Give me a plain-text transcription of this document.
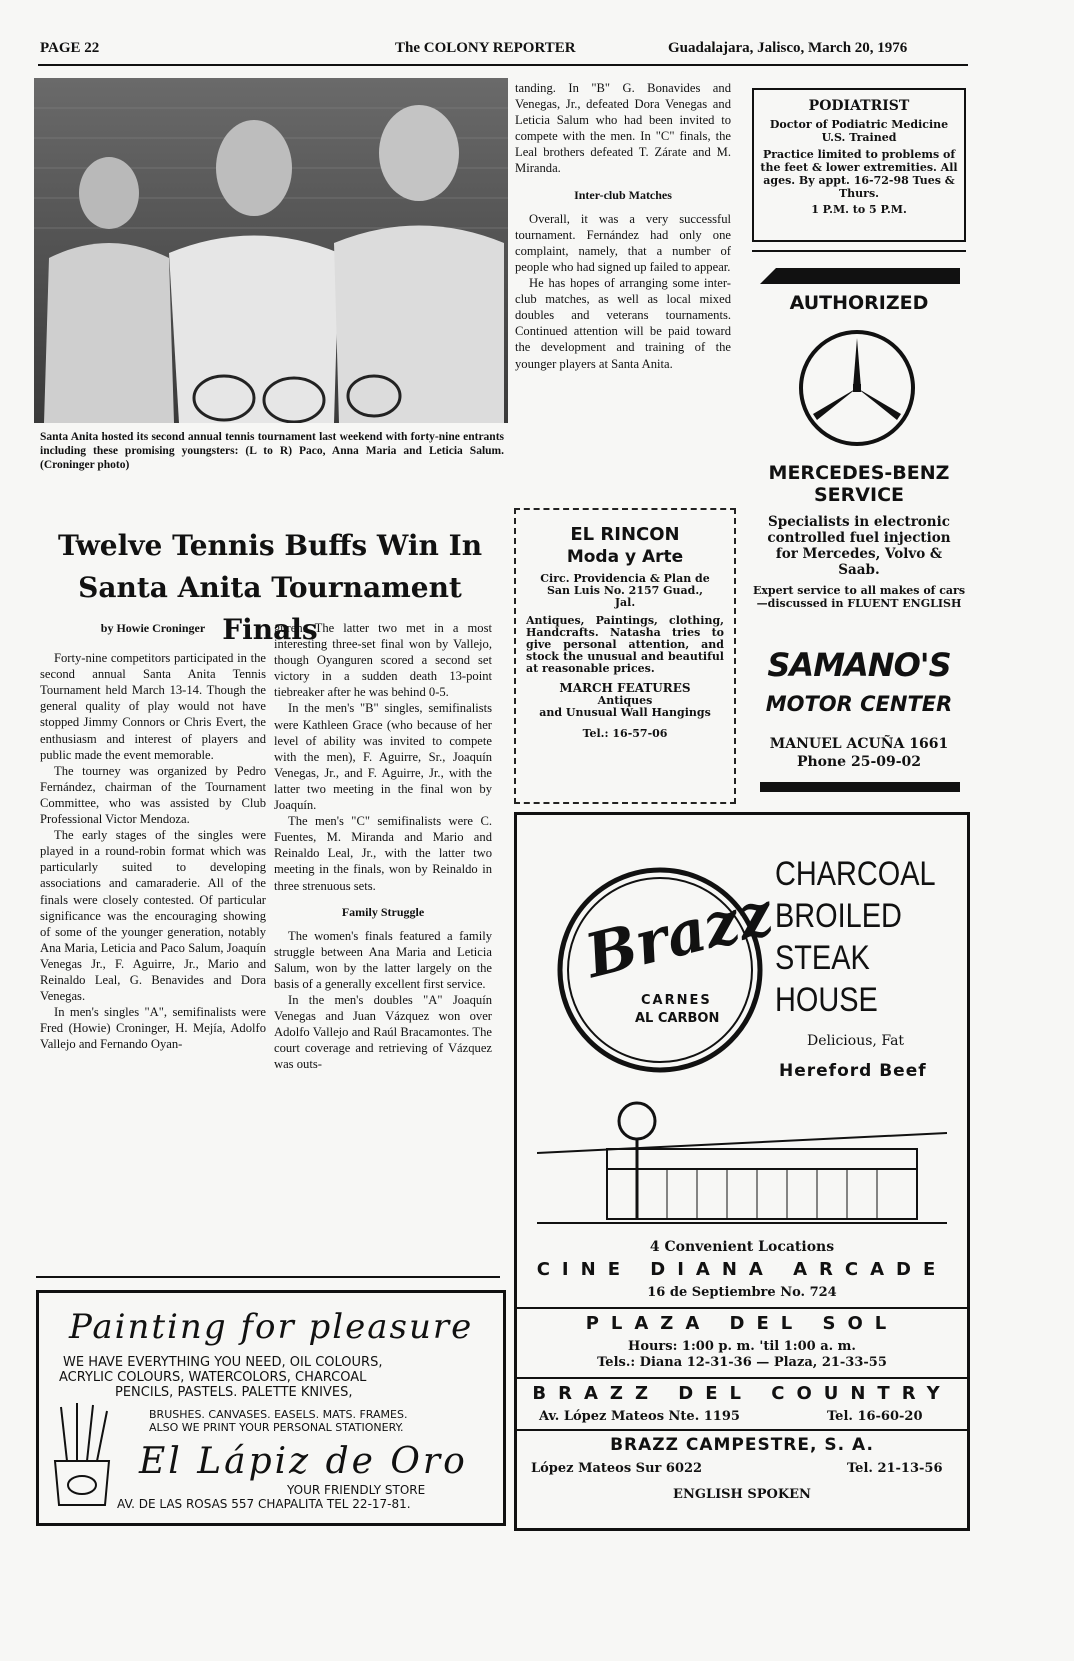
PAGE 22	The COLONY REPORTER	Guadalajara, Jalisco, March 20, 1976
Santa Anita hosted its second annual tennis tournament last weekend with forty-nine entrants including these promising youngsters: (L to R) Paco, Anna Maria and Leticia Salum. (Croninger photo)
Twelve Tennis Buffs Win In
Santa Anita Tournament Finals
by Howie Croninger

Forty-nine competitors participated in the second annual Santa Anita Tennis Tournament held March 13-14. Though the general quality of play would not have stopped Jimmy Connors or Chris Evert, the enthusiasm and interest of players and public made the event memorable.

The tourney was organized by Pedro Fernández, chairman of the Tournament Committee, who was assisted by Club Professional Victor Mendoza.

The early stages of the singles were played in a round-robin format which was particularly suited to developing associations and camaraderie. All of the finals were closely contested. Of particular significance was the encouraging showing of some of the younger generation, notably Ana Maria, Leticia and Paco Salum, Joaquín Venegas Jr., F. Aguirre, Jr., Mario and Reinaldo Leal, G. Benavides and Dora Venegas.

In men's singles "A", semifinalists were Fred (Howie) Croninger, H. Mejía, Adolfo Vallejo and Fernando Oyan-

guren. The latter two met in a most interesting three-set final won by Vallejo, though Oyanguren scored a second set victory in a sudden death 13-point tiebreaker after he was behind 0-5.

In the men's "B" singles, semifinalists were Kathleen Grace (who because of her level of ability was invited to compete with the men), F. Aguirre, Sr., Joaquín Venegas, Jr., and F. Aguirre, Jr., with the latter two meeting in the final won by Joaquín.

The men's "C" semifinalists were C. Fuentes, M. Miranda and Mario and Reinaldo Leal, Jr., with the latter two meeting in the finals, won by Reinaldo in three strenuous sets.

Family Struggle

The women's finals featured a family struggle between Ana Maria and Leticia Salum, won by the latter largely on the basis of a generally excellent first service.

In the men's doubles "A" Joaquín Venegas and Juan Vázquez won over Adolfo Vallejo and Raúl Bracamontes. The court coverage and retrieving of Vázquez was outs-

tanding. In "B" G. Bonavides and Venegas, Jr., defeated Dora Venegas and Leticia Salum who had been invited to compete with the men. In "C" finals, the Leal brothers defeated T. Zárate and M. Miranda.

Inter-club Matches

Overall, it was a very successful tournament. Fernández had only one complaint, namely, that a number of people who had signed up failed to appear.

He has hopes of arranging some inter-club matches, as well as local mixed doubles and veterans tournaments. Continued attention will be paid toward the development and training of the younger players at Santa Anita.

PODIATRIST
Doctor of Podiatric Medicine U.S. Trained
Practice limited to problems of the feet & lower extremities. All ages. By appt. 16-72-98 Tues & Thurs.
1 P.M. to 5 P.M.
AUTHORIZED
MERCEDES-BENZ
SERVICE
Specialists in electronic controlled fuel injection for Mercedes, Volvo & Saab.
Expert service to all makes of cars—discussed in FLUENT ENGLISH
SAMANO'S
MOTOR CENTER
MANUEL ACUÑA 1661
Phone 25-09-02
EL RINCON
Moda y Arte
Circ. Providencia & Plan de San Luis No. 2157 Guad., Jal.
Antiques, Paintings, clothing, Handcrafts. Natasha tries to give personal attention, and stock the unusual and beautiful at reasonable prices.
MARCH FEATURES
Antiques
and Unusual Wall Hangings
Tel.: 16-57-06
Painting for pleasure
WE HAVE EVERYTHING YOU NEED, OIL COLOURS,
ACRYLIC COLOURS, WATERCOLORS, CHARCOAL
PENCILS, PASTELS. PALETTE KNIVES,
BRUSHES. CANVASES. EASELS. MATS. FRAMES.
ALSO WE PRINT YOUR PERSONAL STATIONERY.
El Lápiz de Oro
YOUR FRIENDLY STORE
AV. DE LAS ROSAS 557 CHAPALITA TEL 22-17-81.
Brazz
CARNES
AL CARBON
CHARCOAL
BROILED
STEAK
HOUSE
Delicious, Fat
Hereford Beef
4 Convenient Locations
CINE DIANA ARCADE
16 de Septiembre No. 724
PLAZA DEL SOL
Hours: 1:00 p. m. 'til 1:00 a. m.
Tels.: Diana 12-31-36 — Plaza, 21-33-55
BRAZZ DEL COUNTRY
Av. López Mateos Nte. 1195	Tel. 16-60-20
BRAZZ CAMPESTRE, S. A.
López Mateos Sur 6022	Tel. 21-13-56
ENGLISH SPOKEN
